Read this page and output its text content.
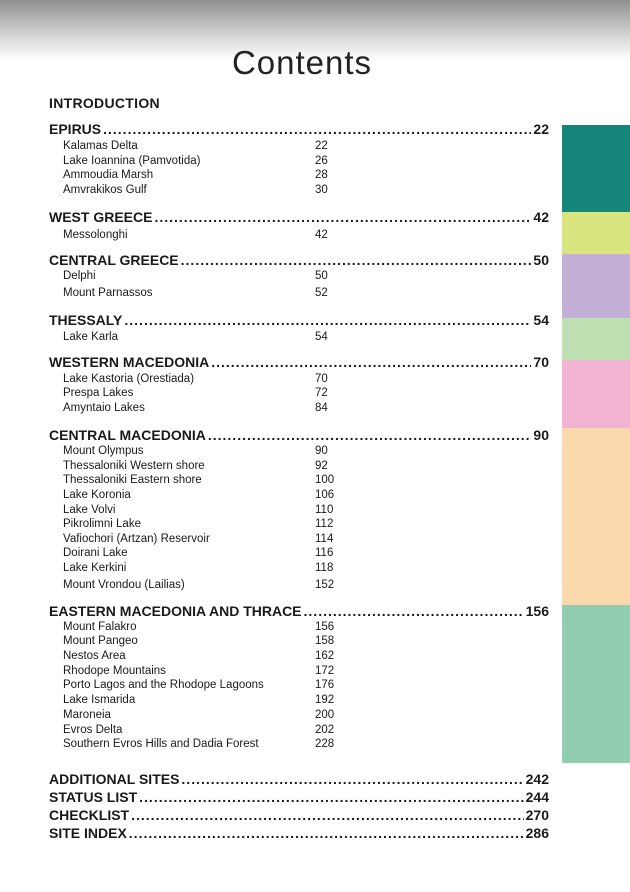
Contents
INTRODUCTION
EPIRUS .....	22
Kalamas Delta	22
Lake Ioannina (Pamvotida)	26
Ammoudia Marsh	28
Amvrakikos Gulf	30
WEST GREECE .....	42
Messolonghi	42
CENTRAL GREECE .....	50
Delphi	50
Mount Parnassos	52
THESSALY .....	54
Lake Karla	54
WESTERN MACEDONIA .....	70
Lake Kastoria (Orestiada)	70
Prespa Lakes	72
Amyntaio Lakes	84
CENTRAL MACEDONIA .....	90
Mount Olympus	90
Thessaloniki Western shore	92
Thessaloniki Eastern shore	100
Lake Koronia	106
Lake Volvi	110
Pikrolimni Lake	112
Vafiochori (Artzan) Reservoir	114
Doirani Lake	116
Lake Kerkini	118
Mount Vrondou (Lailias)	152
EASTERN MACEDONIA AND THRACE .....	156
Mount Falakro	156
Mount Pangeo	158
Nestos Area	162
Rhodope Mountains	172
Porto Lagos and the Rhodope Lagoons	176
Lake Ismarida	192
Maroneia	200
Evros Delta	202
Southern Evros Hills and Dadia Forest	228
ADDITIONAL SITES .....	242
STATUS LIST .....	244
CHECKLIST .....	270
SITE INDEX .....	286
